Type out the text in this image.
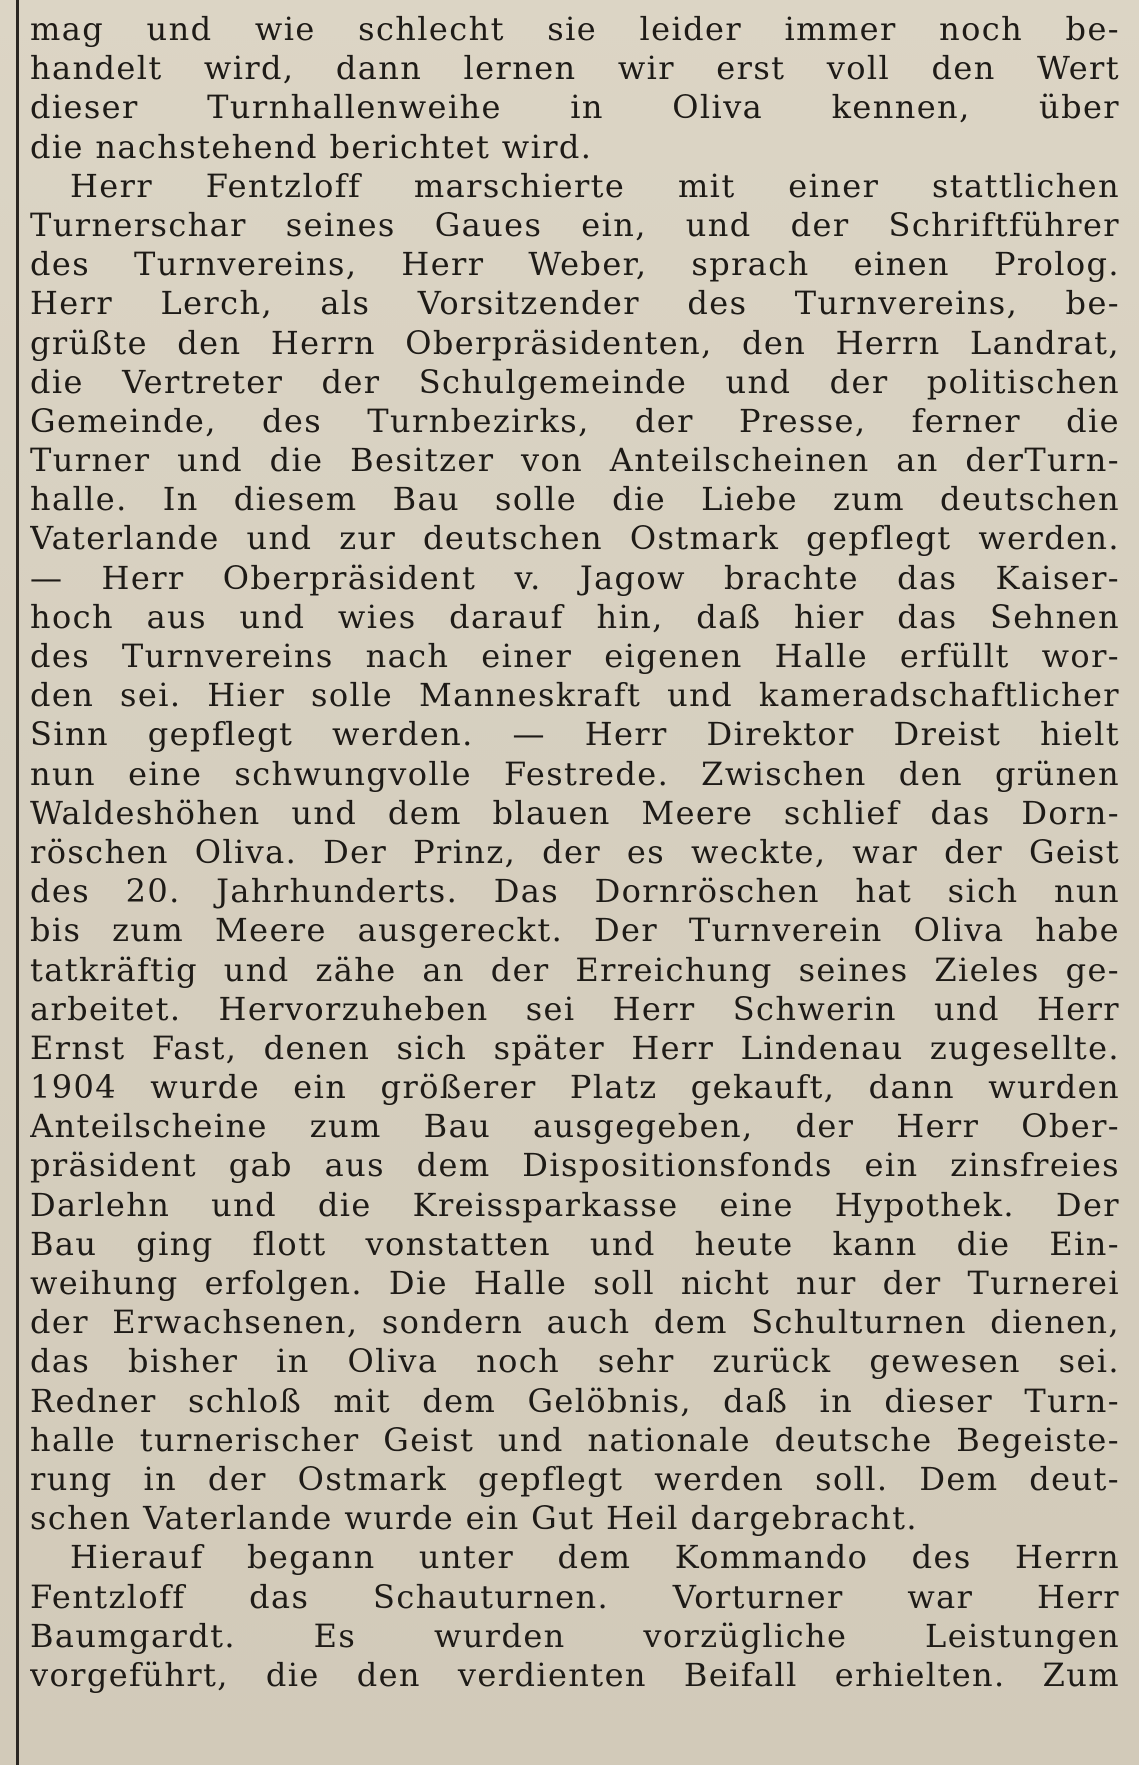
mag und wie schlecht sie leider immer noch be-
handelt wird, dann lernen wir erst voll den Wert
dieser Turnhallenweihe in Oliva kennen, über
die nachstehend berichtet wird.
Herr Fentzloff marschierte mit einer stattlichen
Turnerschar seines Gaues ein, und der Schriftführer
des Turnvereins, Herr Weber, sprach einen Prolog.
Herr Lerch, als Vorsitzender des Turnvereins, be-
grüßte den Herrn Oberpräsidenten, den Herrn Landrat,
die Vertreter der Schulgemeinde und der politischen
Gemeinde, des Turnbezirks, der Presse, ferner die
Turner und die Besitzer von Anteilscheinen an derTurn-
halle. In diesem Bau solle die Liebe zum deutschen
Vaterlande und zur deutschen Ostmark gepflegt werden.
— Herr Oberpräsident v. Jagow brachte das Kaiser-
hoch aus und wies darauf hin, daß hier das Sehnen
des Turnvereins nach einer eigenen Halle erfüllt wor-
den sei. Hier solle Manneskraft und kameradschaftlicher
Sinn gepflegt werden. — Herr Direktor Dreist hielt
nun eine schwungvolle Festrede. Zwischen den grünen
Waldeshöhen und dem blauen Meere schlief das Dorn-
röschen Oliva. Der Prinz, der es weckte, war der Geist
des 20. Jahrhunderts. Das Dornröschen hat sich nun
bis zum Meere ausgereckt. Der Turnverein Oliva habe
tatkräftig und zähe an der Erreichung seines Zieles ge-
arbeitet. Hervorzuheben sei Herr Schwerin und Herr
Ernst Fast, denen sich später Herr Lindenau zugesellte.
1904 wurde ein größerer Platz gekauft, dann wurden
Anteilscheine zum Bau ausgegeben, der Herr Ober-
präsident gab aus dem Dispositionsfonds ein zinsfreies
Darlehn und die Kreissparkasse eine Hypothek. Der
Bau ging flott vonstatten und heute kann die Ein-
weihung erfolgen. Die Halle soll nicht nur der Turnerei
der Erwachsenen, sondern auch dem Schulturnen dienen,
das bisher in Oliva noch sehr zurück gewesen sei.
Redner schloß mit dem Gelöbnis, daß in dieser Turn-
halle turnerischer Geist und nationale deutsche Begeiste-
rung in der Ostmark gepflegt werden soll. Dem deut-
schen Vaterlande wurde ein Gut Heil dargebracht.
Hierauf begann unter dem Kommando des Herrn
Fentzloff das Schauturnen. Vorturner war Herr
Baumgardt. Es wurden vorzügliche Leistungen
vorgeführt, die den verdienten Beifall erhielten. Zum
